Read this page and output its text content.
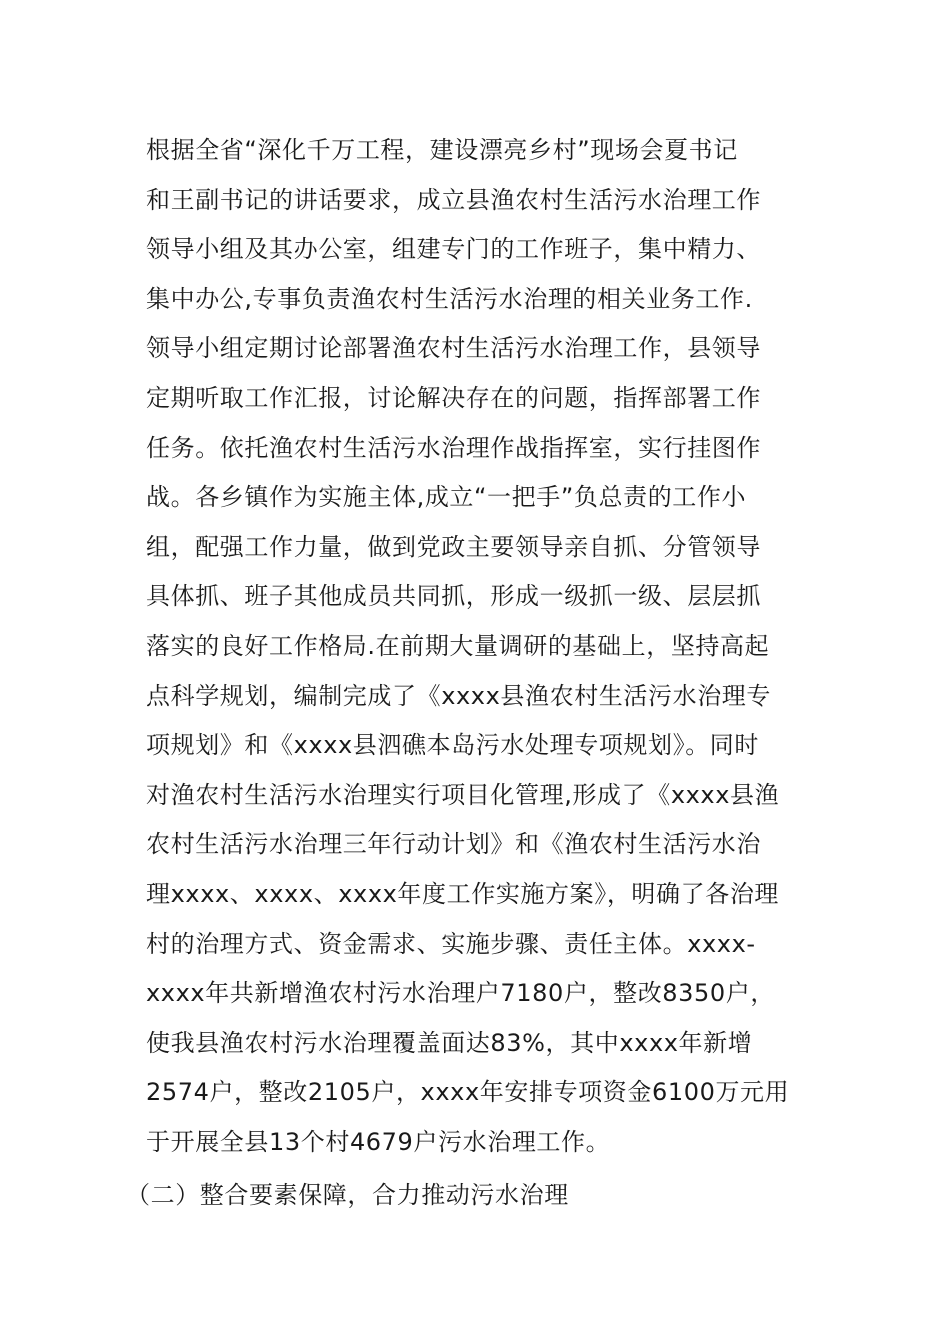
根据全省“深化千万工程，建设漂亮乡村”现场会夏书记
和王副书记的讲话要求，成立县渔农村生活污水治理工作
领导小组及其办公室，组建专门的工作班子，集中精力、
集中办公,专事负责渔农村生活污水治理的相关业务工作.
领导小组定期讨论部署渔农村生活污水治理工作，县领导
定期听取工作汇报，讨论解决存在的问题，指挥部署工作
任务。依托渔农村生活污水治理作战指挥室，实行挂图作
战。各乡镇作为实施主体,成立“一把手”负总责的工作小
组，配强工作力量，做到党政主要领导亲自抓、分管领导
具体抓、班子其他成员共同抓，形成一级抓一级、层层抓
落实的良好工作格局.在前期大量调研的基础上，坚持高起
点科学规划，编制完成了《xxxx县渔农村生活污水治理专
项规划》和《xxxx县泗礁本岛污水处理专项规划》。同时
对渔农村生活污水治理实行项目化管理,形成了《xxxx县渔
农村生活污水治理三年行动计划》和《渔农村生活污水治
理xxxx、xxxx、xxxx年度工作实施方案》，明确了各治理
村的治理方式、资金需求、实施步骤、责任主体。xxxx-
xxxx年共新增渔农村污水治理户7180户，整改8350户，
使我县渔农村污水治理覆盖面达83%，其中xxxx年新增
2574户，整改2105户，xxxx年安排专项资金6100万元用
于开展全县13个村4679户污水治理工作。
（二）整合要素保障，合力推动污水治理
